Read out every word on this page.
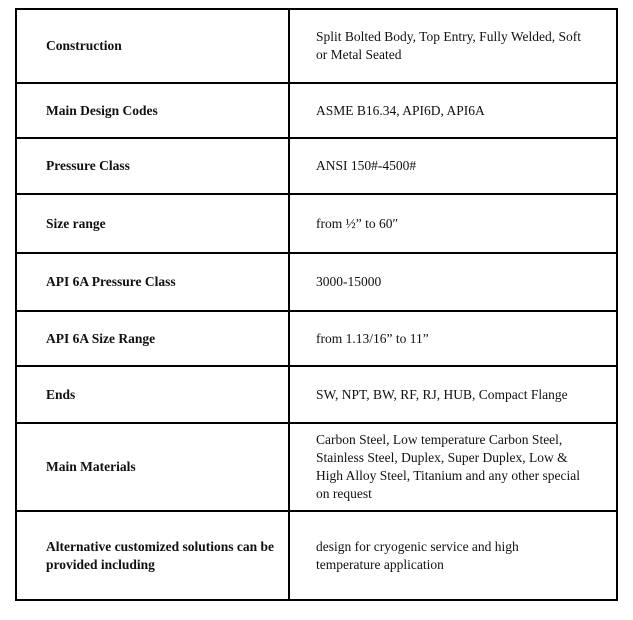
Construction	Split Bolted Body, Top Entry, Fully Welded, Soft or Metal Seated
Main Design Codes	ASME B16.34, API6D, API6A
Pressure Class	ANSI 150#-4500#
Size range	from ½” to 60″
API 6A Pressure Class	3000-15000
API 6A Size Range	from 1.13/16” to 11”
Ends	SW, NPT, BW, RF, RJ, HUB, Compact Flange
Main Materials	Carbon Steel, Low temperature Carbon Steel, Stainless Steel, Duplex, Super Duplex, Low & High Alloy Steel, Titanium and any other special on request
Alternative customized solutions can be provided including	design for cryogenic service and high temperature application
